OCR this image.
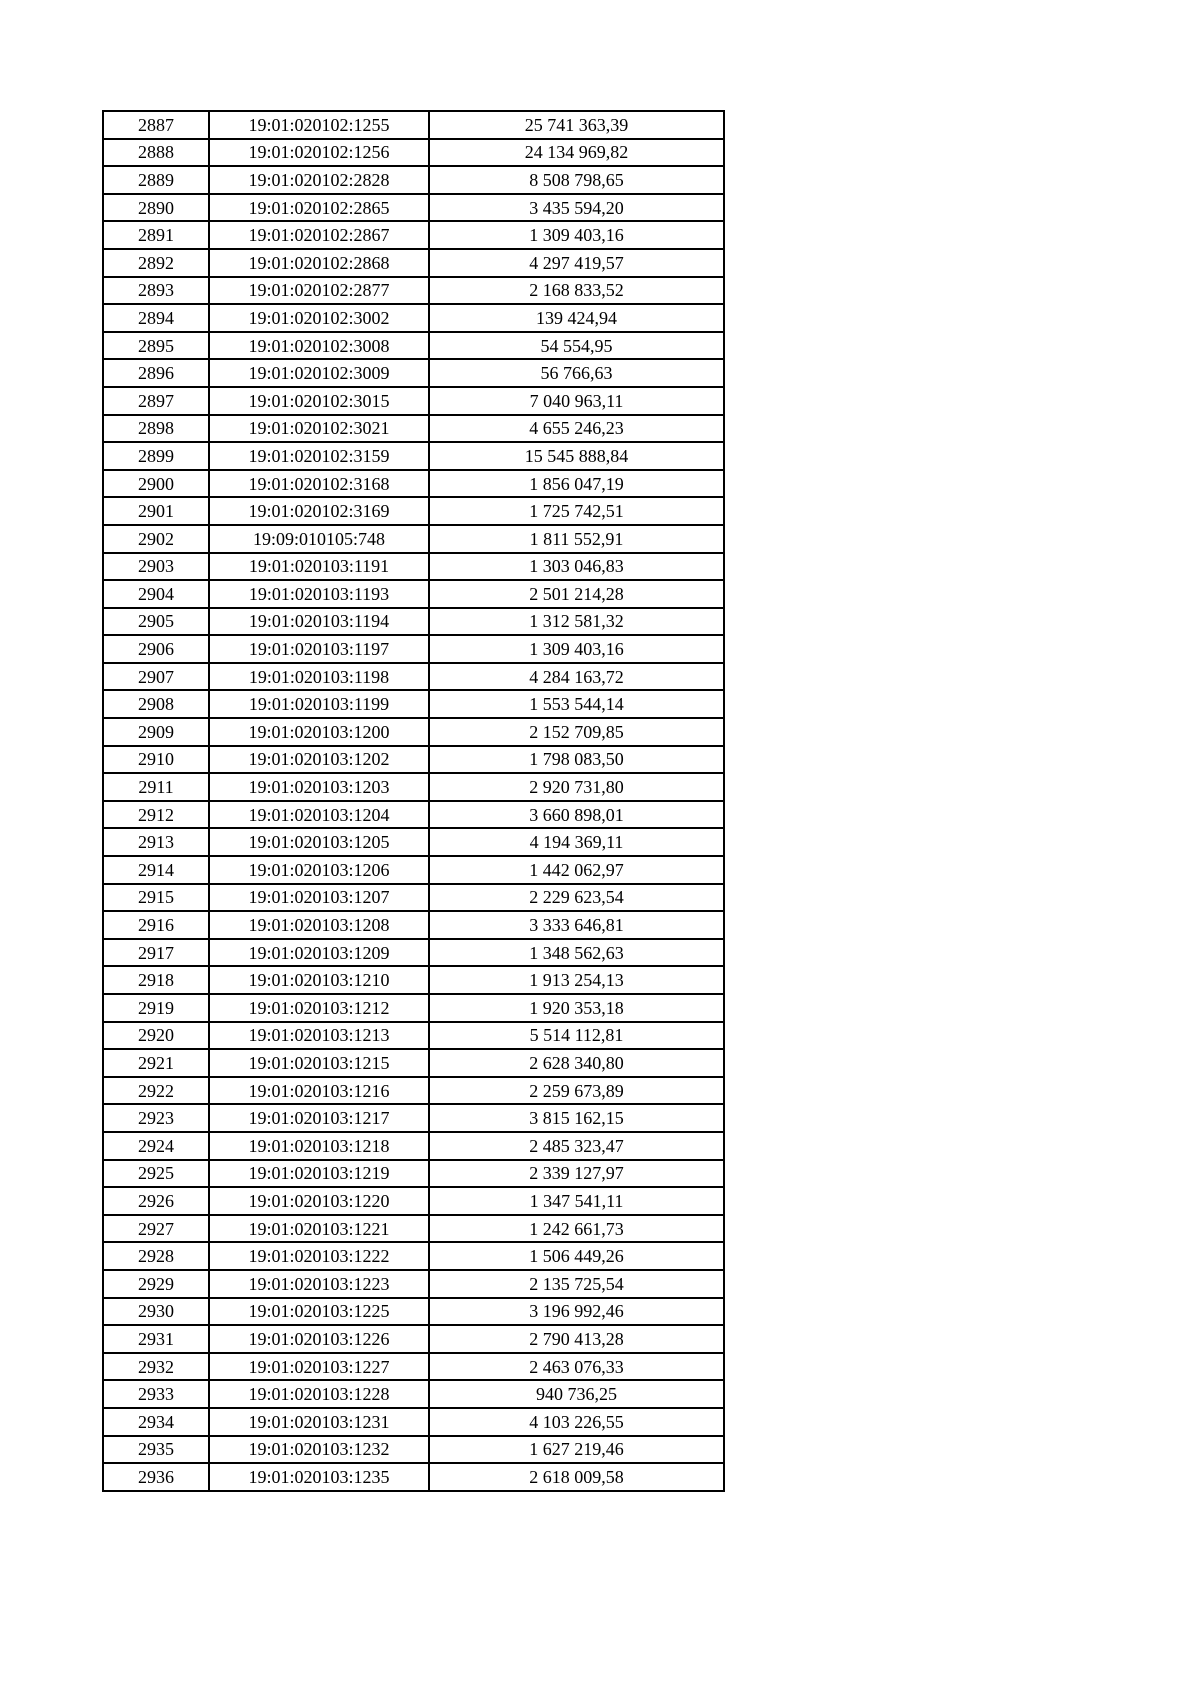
2887	19:01:020102:1255	25 741 363,39
2888	19:01:020102:1256	24 134 969,82
2889	19:01:020102:2828	8 508 798,65
2890	19:01:020102:2865	3 435 594,20
2891	19:01:020102:2867	1 309 403,16
2892	19:01:020102:2868	4 297 419,57
2893	19:01:020102:2877	2 168 833,52
2894	19:01:020102:3002	139 424,94
2895	19:01:020102:3008	54 554,95
2896	19:01:020102:3009	56 766,63
2897	19:01:020102:3015	7 040 963,11
2898	19:01:020102:3021	4 655 246,23
2899	19:01:020102:3159	15 545 888,84
2900	19:01:020102:3168	1 856 047,19
2901	19:01:020102:3169	1 725 742,51
2902	19:09:010105:748	1 811 552,91
2903	19:01:020103:1191	1 303 046,83
2904	19:01:020103:1193	2 501 214,28
2905	19:01:020103:1194	1 312 581,32
2906	19:01:020103:1197	1 309 403,16
2907	19:01:020103:1198	4 284 163,72
2908	19:01:020103:1199	1 553 544,14
2909	19:01:020103:1200	2 152 709,85
2910	19:01:020103:1202	1 798 083,50
2911	19:01:020103:1203	2 920 731,80
2912	19:01:020103:1204	3 660 898,01
2913	19:01:020103:1205	4 194 369,11
2914	19:01:020103:1206	1 442 062,97
2915	19:01:020103:1207	2 229 623,54
2916	19:01:020103:1208	3 333 646,81
2917	19:01:020103:1209	1 348 562,63
2918	19:01:020103:1210	1 913 254,13
2919	19:01:020103:1212	1 920 353,18
2920	19:01:020103:1213	5 514 112,81
2921	19:01:020103:1215	2 628 340,80
2922	19:01:020103:1216	2 259 673,89
2923	19:01:020103:1217	3 815 162,15
2924	19:01:020103:1218	2 485 323,47
2925	19:01:020103:1219	2 339 127,97
2926	19:01:020103:1220	1 347 541,11
2927	19:01:020103:1221	1 242 661,73
2928	19:01:020103:1222	1 506 449,26
2929	19:01:020103:1223	2 135 725,54
2930	19:01:020103:1225	3 196 992,46
2931	19:01:020103:1226	2 790 413,28
2932	19:01:020103:1227	2 463 076,33
2933	19:01:020103:1228	940 736,25
2934	19:01:020103:1231	4 103 226,55
2935	19:01:020103:1232	1 627 219,46
2936	19:01:020103:1235	2 618 009,58
